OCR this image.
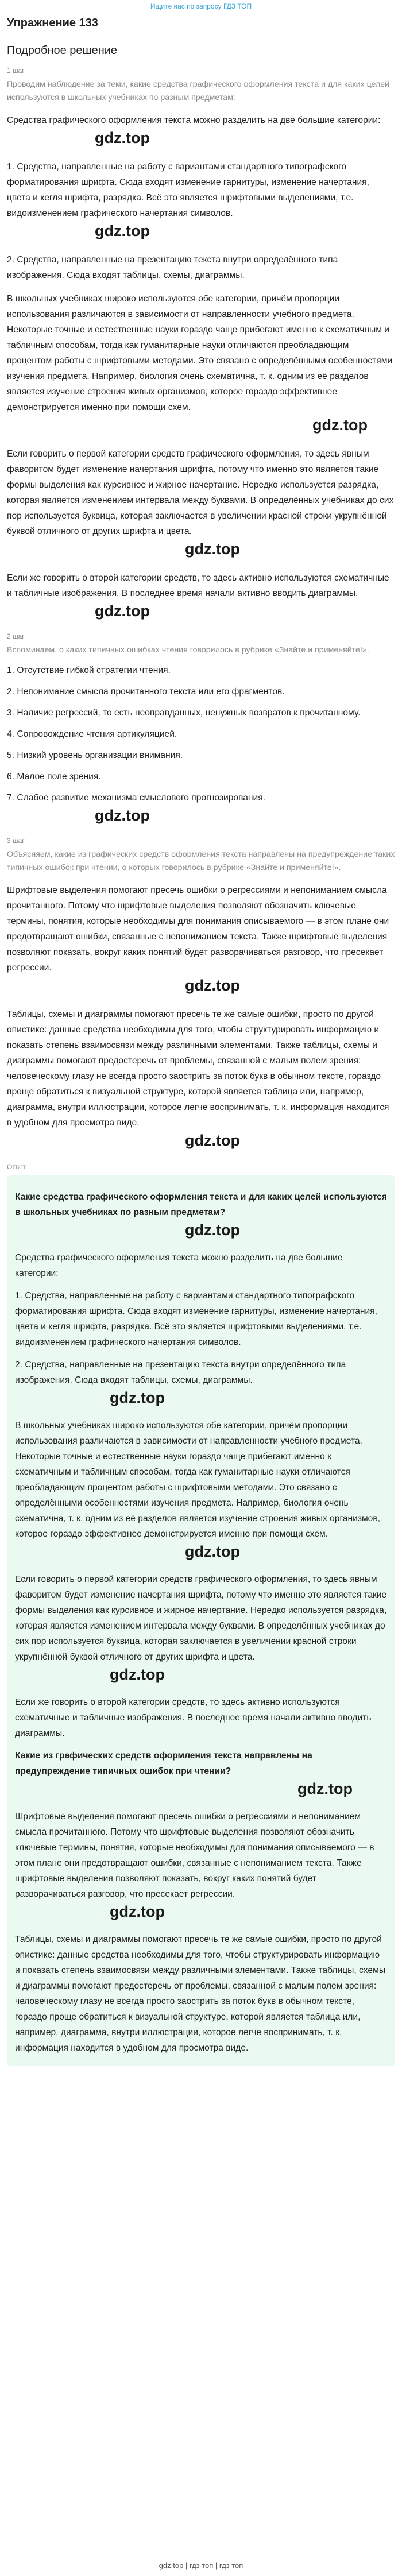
Ищите нас по запросу ГДЗ ТОП
Упражнение 133
Подробное решение
1 шаг
Проводим наблюдение за теми, какие средства графического оформления текста и для каких целей используются в школьных учебниках по разным предметам:
Средства графического оформления текста можно разделить на две большие категории:
gdz.top
1. Средства, направленные на работу с вариантами стандартного типографского форматирования шрифта. Сюда входят изменение гарнитуры, изменение начертания, цвета и кегля шрифта, разрядка. Всё это является шрифтовыми выделениями, т.е. видоизменением графического начертания символов.
gdz.top
2. Средства, направленные на презентацию текста внутри определённого типа изображения. Сюда входят таблицы, схемы, диаграммы.
В школьных учебниках широко используются обе категории, причём пропорции использования различаются в зависимости от направленности учебного предмета. Некоторые точные и естественные науки гораздо чаще прибегают именно к схематичным и табличным способам, тогда как гуманитарные науки отличаются преобладающим процентом работы с шрифтовыми методами. Это связано с определёнными особенностями изучения предмета. Например, биология очень схематична, т. к. одним из её разделов является изучение строения живых организмов, которое гораздо эффективнее демонстрируется именно при помощи схем.
gdz.top
Если говорить о первой категории средств графического оформления, то здесь явным фаворитом будет изменение начертания шрифта, потому что именно это является такие формы выделения как курсивное и жирное начертание. Нередко используется разрядка, которая является изменением интервала между буквами. В определённых учебниках до сих пор используется буквица, которая заключается в увеличении красной строки укрупнённой буквой отличного от других шрифта и цвета.
gdz.top
Если же говорить о второй категории средств, то здесь активно используются схематичные и табличные изображения. В последнее время начали активно вводить диаграммы.
gdz.top
2 шаг
Вспоминаем, о каких типичных ошибках чтения говорилось в рубрике «Знайте и применяйте!».
1. Отсутствие гибкой стратегии чтения.
2. Непонимание смысла прочитанного текста или его фрагментов.
3. Наличие регрессий, то есть неоправданных, ненужных возвратов к прочитанному.
4. Сопровождение чтения артикуляцией.
5. Низкий уровень организации внимания.
6. Малое поле зрения.
7. Слабое развитие механизма смыслового прогнозирования.
gdz.top
3 шаг
Объясняем, какие из графических средств оформления текста направлены на предупреждение таких типичных ошибок при чтении, о которых говорилось в рубрике «Знайте и применяйте!».
Шрифтовые выделения помогают пресечь ошибки о регрессиями и непониманием смысла прочитанного. Потому что шрифтовые выделения позволяют обозначить ключевые термины, понятия, которые необходимы для понимания описываемого — в этом плане они предотвращают ошибки, связанные с непониманием текста. Также шрифтовые выделения позволяют показать, вокруг каких понятий будет разворачиваться разговор, что пресекает регрессии.
gdz.top
Таблицы, схемы и диаграммы помогают пресечь те же самые ошибки, просто по другой опистике: данные средства необходимы для того, чтобы структурировать информацию и показать степень взаимосвязи между различными элементами. Также таблицы, схемы и диаграммы помогают предостеречь от проблемы, связанной с малым полем зрения: человеческому глазу не всегда просто заострить за поток букв в обычном тексте, гораздо проще обратиться к визуальной структуре, которой является таблица или, например, диаграмма, внутри иллюстрации, которое легче воспринимать, т. к. информация находится в удобном для просмотра виде.
gdz.top
Ответ
Какие средства графического оформления текста и для каких целей используются в школьных учебниках по разным предметам?
gdz.top
Средства графического оформления текста можно разделить на две большие категории:
1. Средства, направленные на работу с вариантами стандартного типографского форматирования шрифта. Сюда входят изменение гарнитуры, изменение начертания, цвета и кегля шрифта, разрядка. Всё это является шрифтовыми выделениями, т.е. видоизменением графического начертания символов.
2. Средства, направленные на презентацию текста внутри определённого типа изображения. Сюда входят таблицы, схемы, диаграммы.
gdz.top
В школьных учебниках широко используются обе категории, причём пропорции использования различаются в зависимости от направленности учебного предмета. Некоторые точные и естественные науки гораздо чаще прибегают именно к схематичным и табличным способам, тогда как гуманитарные науки отличаются преобладающим процентом работы с шрифтовыми методами. Это связано с определёнными особенностями изучения предмета. Например, биология очень схематична, т. к. одним из её разделов является изучение строения живых организмов, которое гораздо эффективнее демонстрируется именно при помощи схем.
gdz.top
Если говорить о первой категории средств графического оформления, то здесь явным фаворитом будет изменение начертания шрифта, потому что именно это является такие формы выделения как курсивное и жирное начертание. Нередко используется разрядка, которая является изменением интервала между буквами. В определённых учебниках до сих пор используется буквица, которая заключается в увеличении красной строки укрупнённой буквой отличного от других шрифта и цвета.
gdz.top
Если же говорить о второй категории средств, то здесь активно используются схематичные и табличные изображения. В последнее время начали активно вводить диаграммы.
Какие из графических средств оформления текста направлены на предупреждение типичных ошибок при чтении?
gdz.top
Шрифтовые выделения помогают пресечь ошибки о регрессиями и непониманием смысла прочитанного. Потому что шрифтовые выделения позволяют обозначить ключевые термины, понятия, которые необходимы для понимания описываемого — в этом плане они предотвращают ошибки, связанные с непониманием текста. Также шрифтовые выделения позволяют показать, вокруг каких понятий будет разворачиваться разговор, что пресекает регрессии.
gdz.top
Таблицы, схемы и диаграммы помогают пресечь те же самые ошибки, просто по другой опистике: данные средства необходимы для того, чтобы структурировать информацию и показать степень взаимосвязи между различными элементами. Также таблицы, схемы и диаграммы помогают предостеречь от проблемы, связанной с малым полем зрения: человеческому глазу не всегда просто заострить за поток букв в обычном тексте, гораздо проще обратиться к визуальной структуре, которой является таблица или, например, диаграмма, внутри иллюстрации, которое легче воспринимать, т. к. информация находится в удобном для просмотра виде.
gdz.top | гдз топ | гдз топ
